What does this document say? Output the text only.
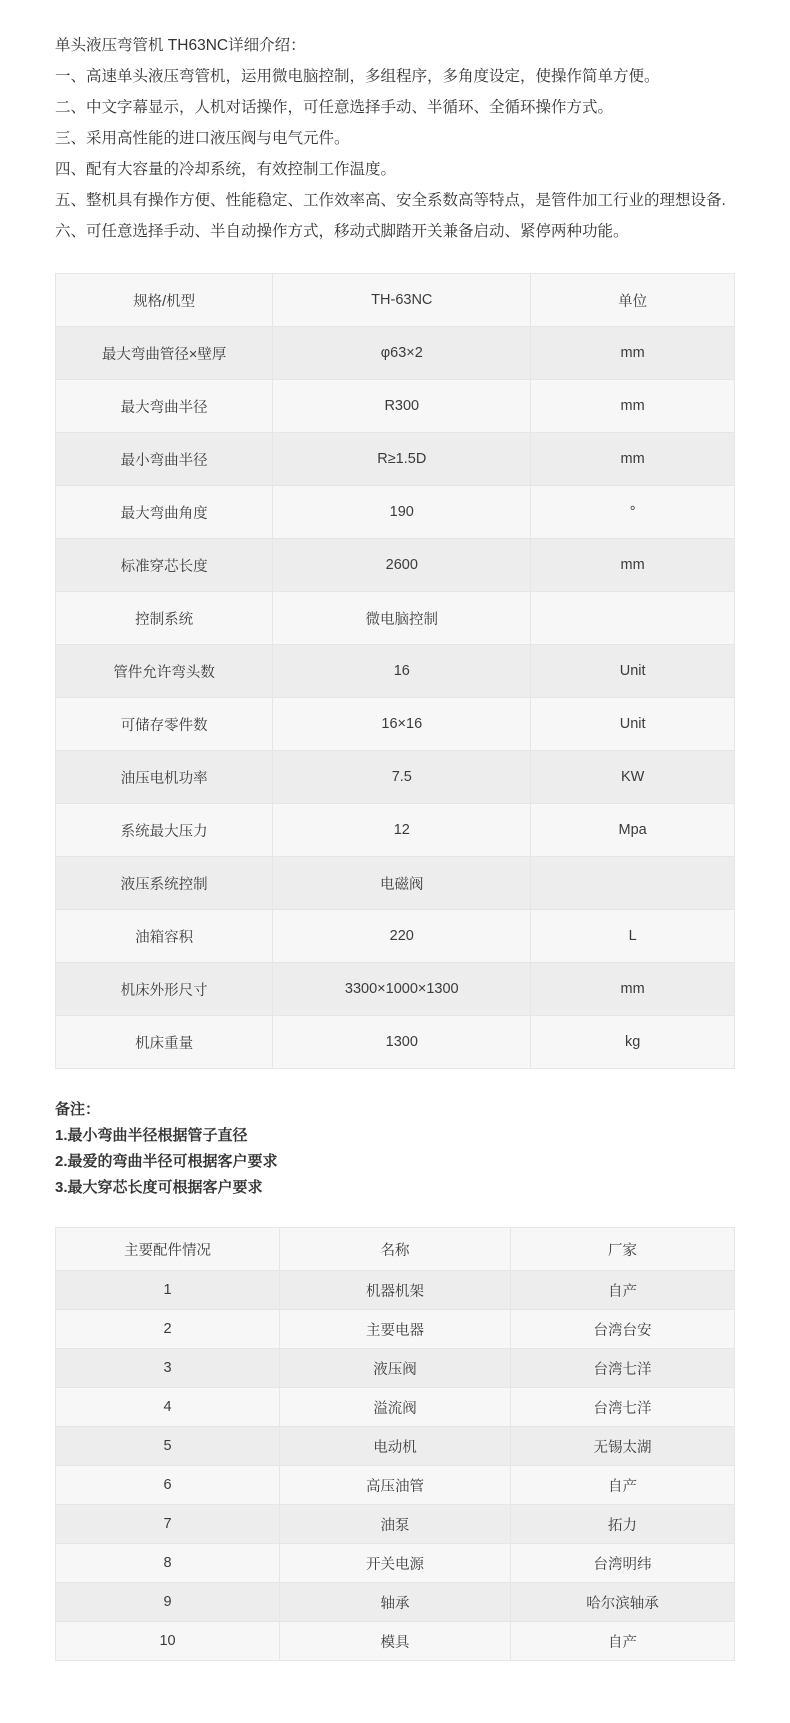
单头液压弯管机 TH63NC详细介绍：

一、高速单头液压弯管机，运用微电脑控制，多组程序，多角度设定，使操作简单方便。

二、中文字幕显示，人机对话操作，可任意选择手动、半循环、全循环操作方式。

三、采用高性能的进口液压阀与电气元件。

四、配有大容量的冷却系统，有效控制工作温度。

五、整机具有操作方便、性能稳定、工作效率高、安全系数高等特点，是管件加工行业的理想设备.

六、可任意选择手动、半自动操作方式，移动式脚踏开关兼备启动、紧停两种功能。

规格/机型	TH-63NC	单位
最大弯曲管径×壁厚	φ63×2	mm
最大弯曲半径	R300	mm
最小弯曲半径	R≥1.5D	mm
最大弯曲角度	190	°
标准穿芯长度	2600	mm
控制系统	微电脑控制	
管件允许弯头数	16	Unit
可储存零件数	16×16	Unit
油压电机功率	7.5	KW
系统最大压力	12	Mpa
液压系统控制	电磁阀	
油箱容积	220	L
机床外形尺寸	3300×1000×1300	mm
机床重量	1300	kg
备注：
1.最小弯曲半径根据管子直径
2.最爱的弯曲半径可根据客户要求
3.最大穿芯长度可根据客户要求
主要配件情况	名称	厂家
1	机器机架	自产
2	主要电器	台湾台安
3	液压阀	台湾七洋
4	溢流阀	台湾七洋
5	电动机	无锡太湖
6	高压油管	自产
7	油泵	拓力
8	开关电源	台湾明纬
9	轴承	哈尔滨轴承
10	模具	自产
